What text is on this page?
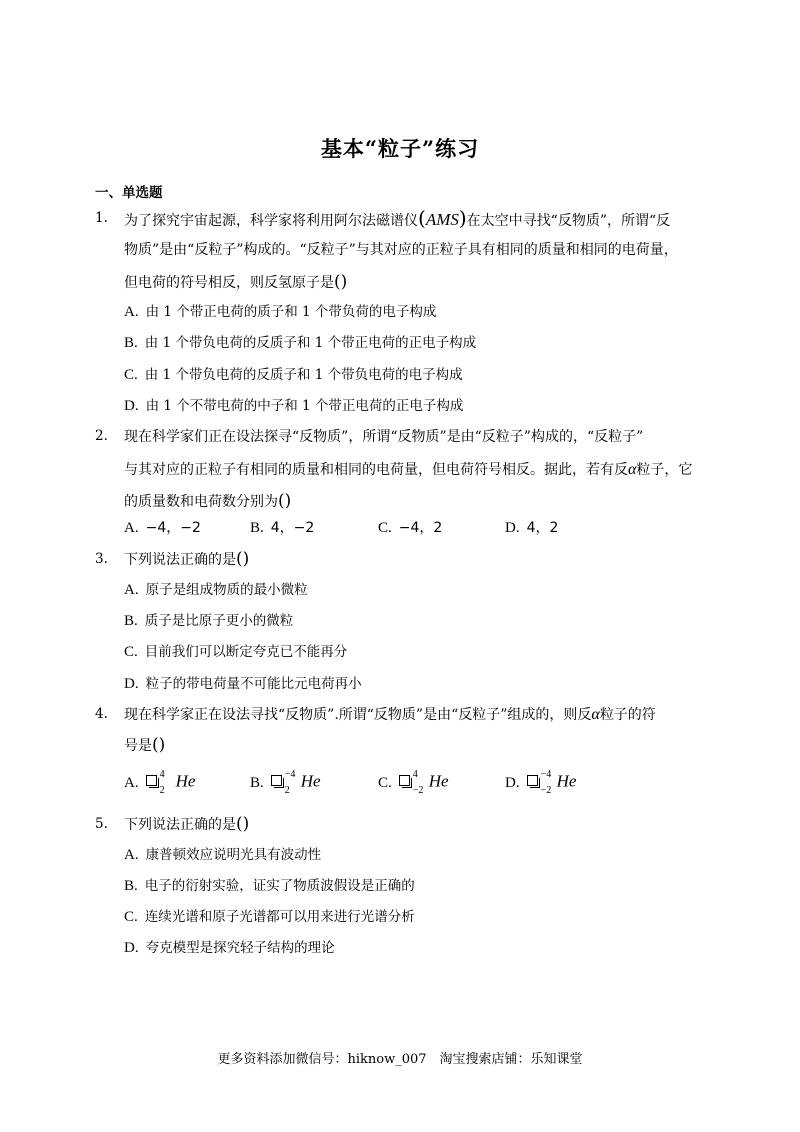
基本“粒子”练习
一、单选题
1. 为了探究宇宙起源，科学家将利用阿尔法磁谱仪(AMS)在太空中寻找“反物质”，所谓“反
物质”是由“反粒子”构成的。“反粒子”与其对应的正粒子具有相同的质量和相同的电荷量，
但电荷的符号相反，则反氢原子是()
A. 由 1 个带正电荷的质子和 1 个带负荷的电子构成
B. 由 1 个带负电荷的反质子和 1 个带正电荷的正电子构成
C. 由 1 个带负电荷的反质子和 1 个带负电荷的电子构成
D. 由 1 个不带电荷的中子和 1 个带正电荷的正电子构成
2. 现在科学家们正在设法探寻“反物质”，所谓“反物质”是由“反粒子”构成的，“反粒子”
与其对应的正粒子有相同的质量和相同的电荷量，但电荷符号相反。据此，若有反α粒子，它
的质量数和电荷数分别为()
A. −4，−2	B. 4，−2	C. −4，2	D. 4，2
3. 下列说法正确的是()
A. 原子是组成物质的最小微粒
B. 质子是比原子更小的微粒
C. 目前我们可以断定夸克已不能再分
D. 粒子的带电荷量不可能比元电荷再小
4. 现在科学家正在设法寻找“反物质”.所谓“反物质”是由“反粒子”组成的，则反α粒子的符
号是()
A. 4
2 He	B. −4
2 He	C. 4
−2 He	D. −4
−2 He
5. 下列说法正确的是()
A. 康普顿效应说明光具有波动性
B. 电子的衍射实验，证实了物质波假设是正确的
C. 连续光谱和原子光谱都可以用来进行光谱分析
D. 夸克模型是探究轻子结构的理论
更多资料添加微信号：hiknow_007　淘宝搜索店铺：乐知课堂
